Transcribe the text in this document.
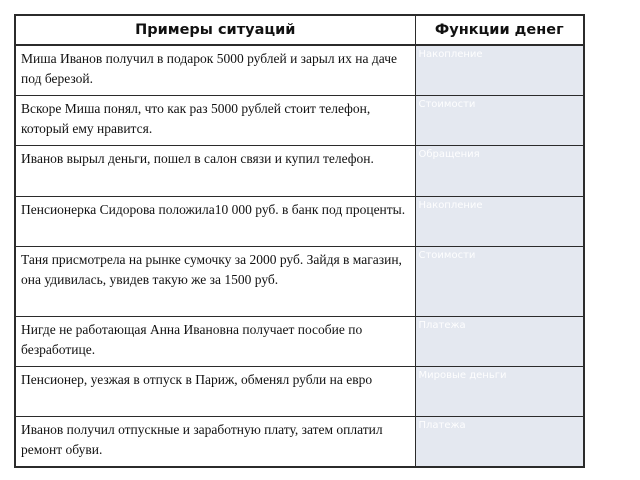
Примеры ситуаций	Функции денег
Миша Иванов получил в подарок 5000 рублей и зарыл их на даче под березой.	Накопление
Вскоре Миша понял, что как раз 5000 рублей стоит телефон, который ему нравится.	Стоимости
Иванов вырыл деньги, пошел в салон связи и купил телефон.	Обращения
Пенсионерка Сидорова положила10 000 руб. в банк под проценты.	Накопление
Таня присмотрела на рынке сумочку за 2000 руб. Зайдя в магазин, она удивилась, увидев такую же за 1500 руб.	Стоимости
Нигде не работающая Анна Ивановна получает пособие по безработице.	Платежа
Пенсионер, уезжая в отпуск в Париж, обменял рубли на евро	Мировые деньги
Иванов получил отпускные и заработную плату, затем оплатил ремонт обуви.	Платежа
